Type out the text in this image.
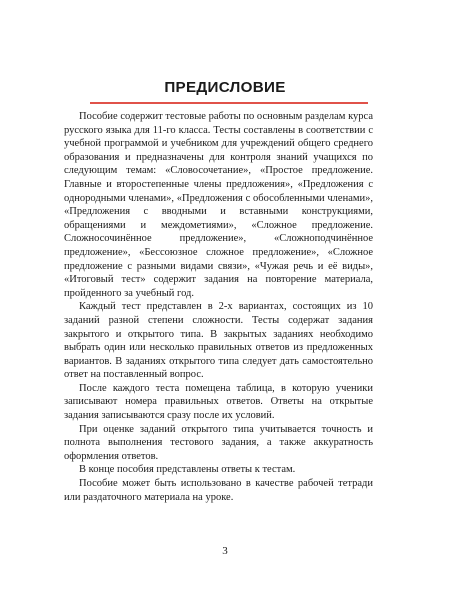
ПРЕДИСЛОВИЕ

Пособие содержит тестовые работы по основным разделам курса русского языка для 11-го класса. Тесты составлены в соответствии с учебной программой и учебником для учреждений общего среднего образования и предназначены для контроля знаний учащихся по следующим темам: «Словосочетание», «Простое предложение. Главные и второстепенные члены предложения», «Предложения с однородными членами», «Предложения с обособленными членами», «Предложения с вводными и вставными конструкциями, обращениями и междометиями», «Сложное предложение. Сложносочинённое предложение», «Сложноподчинённое предложение», «Бессоюзное сложное предложение», «Сложное предложение с разными видами связи», «Чужая речь и её виды», «Итоговый тест» содержит задания на повторение материала, пройденного за учебный год.

Каждый тест представлен в 2-х вариантах, состоящих из 10 заданий разной степени сложности. Тесты содержат задания закрытого и открытого типа. В закрытых заданиях необходимо выбрать один или несколько правильных ответов из предложенных вариантов. В заданиях открытого типа следует дать самостоятельно ответ на поставленный вопрос.

После каждого теста помещена таблица, в которую ученики записывают номера правильных ответов. Ответы на открытые задания записываются сразу после их условий.

При оценке заданий открытого типа учитывается точность и полнота выполнения тестового задания, а также аккуратность оформления ответов.

В конце пособия представлены ответы к тестам.

Пособие может быть использовано в качестве рабочей тетради или раздаточного материала на уроке.

3
